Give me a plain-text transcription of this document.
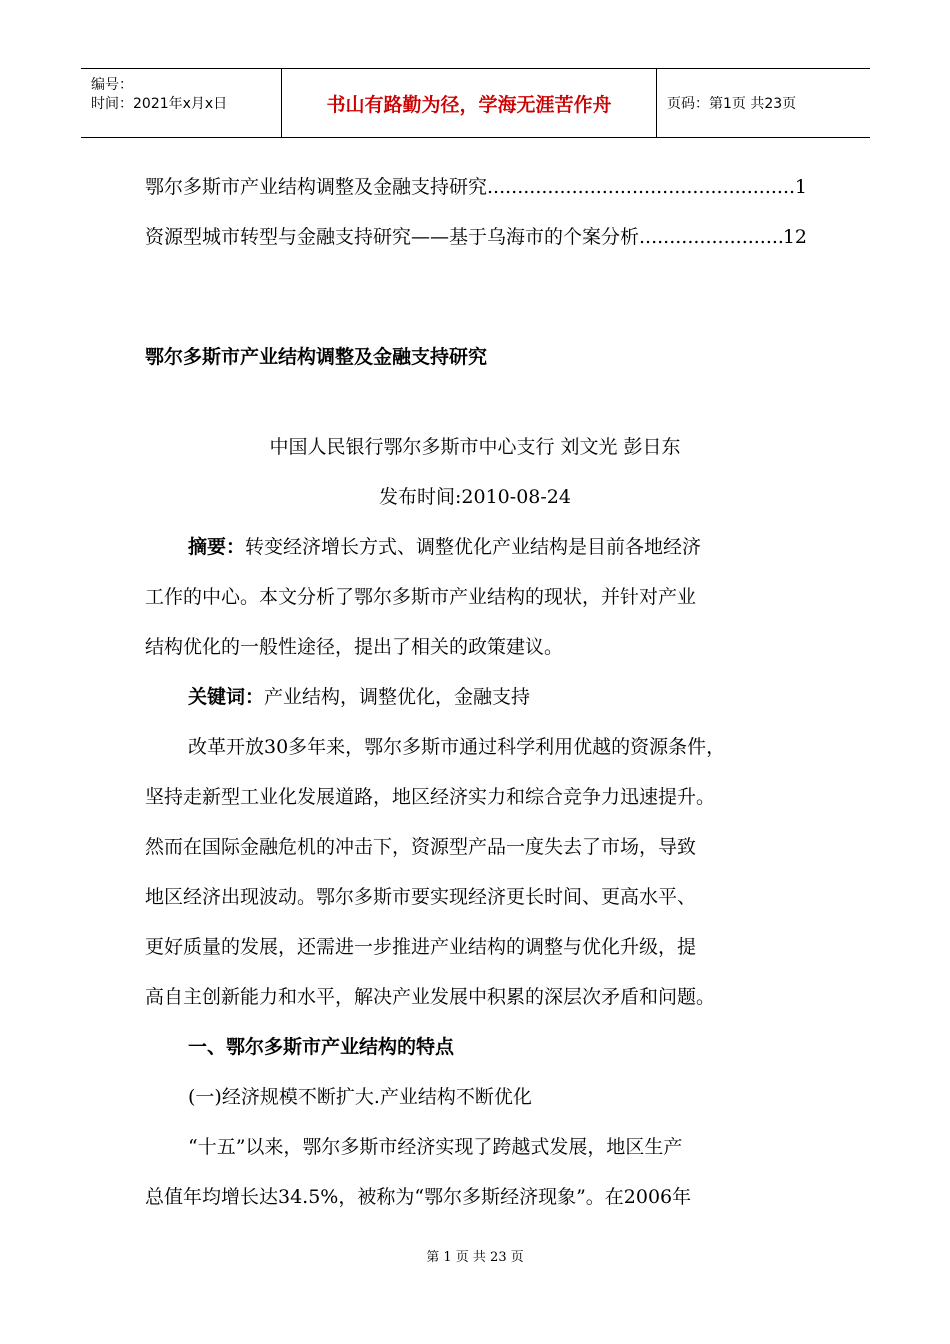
编号：
时间：2021年x月x日	书山有路勤为径，学海无涯苦作舟	页码：第1页 共23页
鄂尔多斯市产业结构调整及金融支持研究 .....	1
资源型城市转型与金融支持研究——基于乌海市的个案分析 .....	12
鄂尔多斯市产业结构调整及金融支持研究
中国人民银行鄂尔多斯市中心支行 刘文光 彭日东
发布时间:2010-08-24
摘要：转变经济增长方式、调整优化产业结构是目前各地经济
工作的中心。本文分析了鄂尔多斯市产业结构的现状，并针对产业
结构优化的一般性途径，提出了相关的政策建议。
关键词：产业结构，调整优化，金融支持
改革开放30多年来，鄂尔多斯市通过科学利用优越的资源条件，
坚持走新型工业化发展道路，地区经济实力和综合竞争力迅速提升。
然而在国际金融危机的冲击下，资源型产品一度失去了市场，导致
地区经济出现波动。鄂尔多斯市要实现经济更长时间、更高水平、
更好质量的发展，还需进一步推进产业结构的调整与优化升级，提
高自主创新能力和水平，解决产业发展中积累的深层次矛盾和问题。
一、鄂尔多斯市产业结构的特点
(一)经济规模不断扩大.产业结构不断优化
“十五”以来，鄂尔多斯市经济实现了跨越式发展，地区生产
总值年均增长达34.5%，被称为“鄂尔多斯经济现象”。在2006年
第 1 页 共 23 页
